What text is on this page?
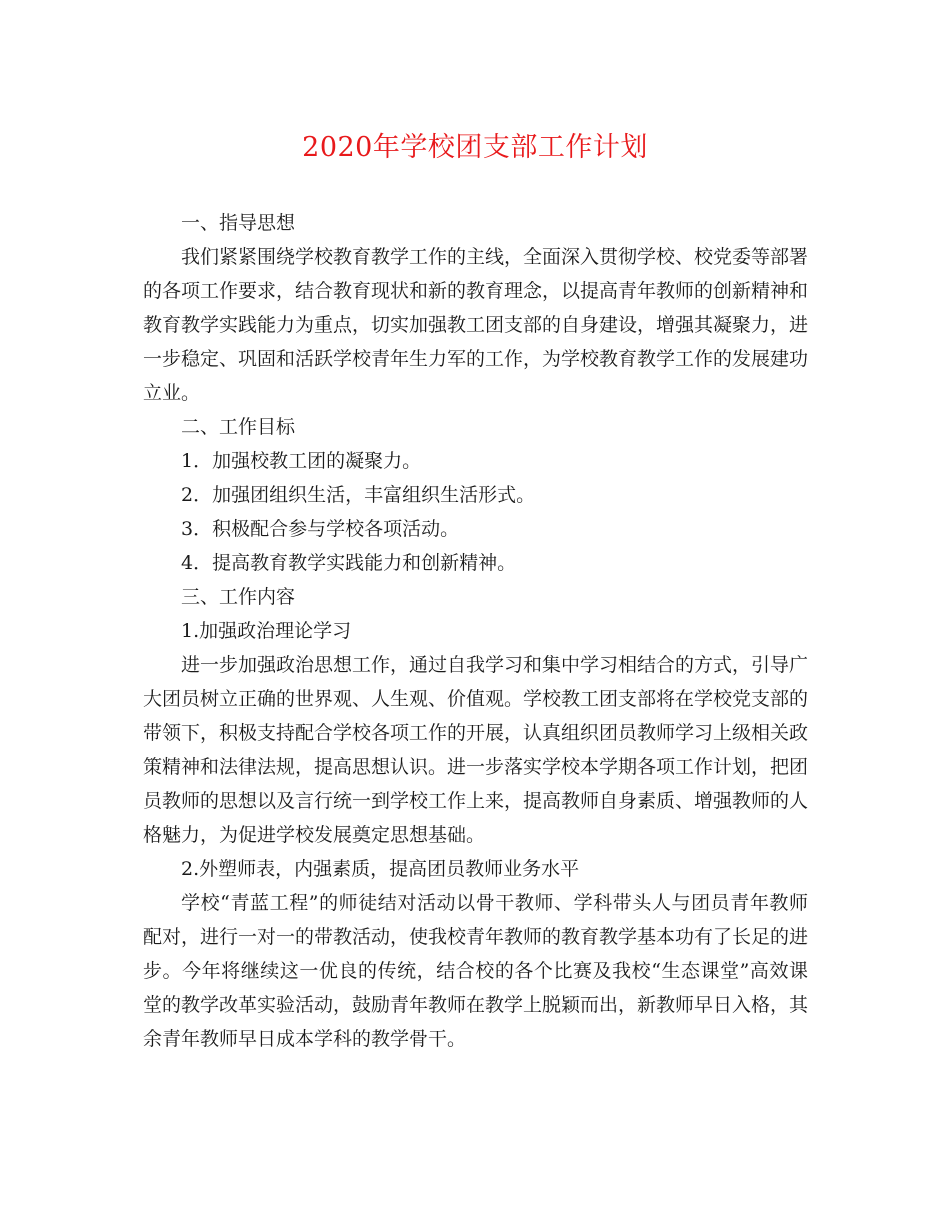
2020年学校团支部工作计划

一、指导思想

我们紧紧围绕学校教育教学工作的主线，全面深入贯彻学校、校党委等部署的各项工作要求，结合教育现状和新的教育理念，以提高青年教师的创新精神和教育教学实践能力为重点，切实加强教工团支部的自身建设，增强其凝聚力，进一步稳定、巩固和活跃学校青年生力军的工作，为学校教育教学工作的发展建功立业。

二、工作目标

1．加强校教工团的凝聚力。

2．加强团组织生活，丰富组织生活形式。

3．积极配合参与学校各项活动。

4．提高教育教学实践能力和创新精神。

三、工作内容

1.加强政治理论学习

进一步加强政治思想工作，通过自我学习和集中学习相结合的方式，引导广大团员树立正确的世界观、人生观、价值观。学校教工团支部将在学校党支部的带领下，积极支持配合学校各项工作的开展，认真组织团员教师学习上级相关政策精神和法律法规，提高思想认识。进一步落实学校本学期各项工作计划，把团员教师的思想以及言行统一到学校工作上来，提高教师自身素质、增强教师的人格魅力，为促进学校发展奠定思想基础。

2.外塑师表，内强素质，提高团员教师业务水平

学校“青蓝工程”的师徒结对活动以骨干教师、学科带头人与团员青年教师配对，进行一对一的带教活动，使我校青年教师的教育教学基本功有了长足的进步。今年将继续这一优良的传统，结合校的各个比赛及我校“生态课堂”高效课堂的教学改革实验活动，鼓励青年教师在教学上脱颖而出，新教师早日入格，其余青年教师早日成本学科的教学骨干。
